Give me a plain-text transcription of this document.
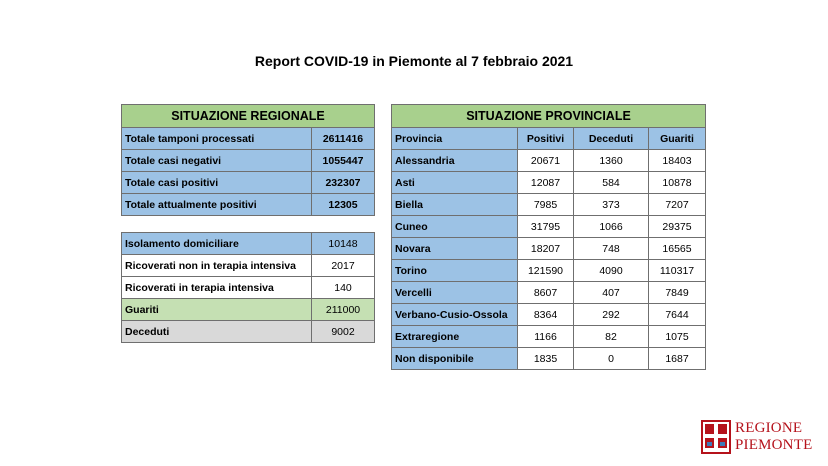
Report COVID-19 in Piemonte al 7 febbraio 2021
SITUAZIONE REGIONALE	
Totale tamponi processati	2611416
Totale casi negativi	1055447
Totale casi positivi	232307
Totale attualmente positivi	12305
Isolamento domiciliare	10148
Ricoverati non in terapia intensiva	2017
Ricoverati in terapia intensiva	140
Guariti	211000
Deceduti	9002
SITUAZIONE PROVINCIALE			
Provincia	Positivi	Deceduti	Guariti
Alessandria	20671	1360	18403
Asti	12087	584	10878
Biella	7985	373	7207
Cuneo	31795	1066	29375
Novara	18207	748	16565
Torino	121590	4090	110317
Vercelli	8607	407	7849
Verbano-Cusio-Ossola	8364	292	7644
Extraregione	1166	82	1075
Non disponibile	1835	0	1687
REGIONE
PIEMONTE
